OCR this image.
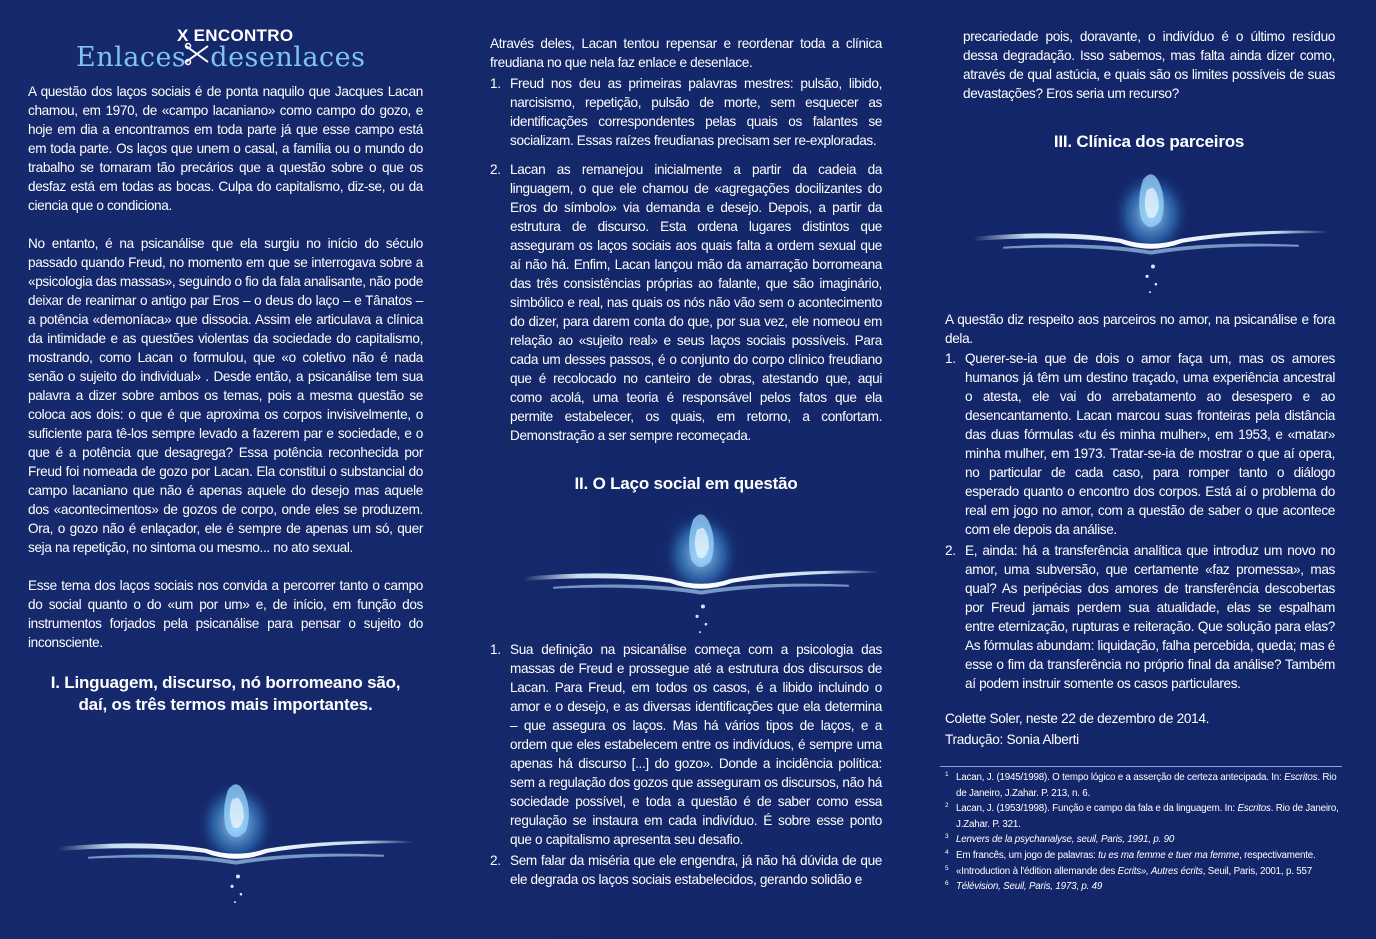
X ENCONTRO
Enlaces desenlaces

A questão dos laços sociais é de ponta naquilo que Jacques Lacan chamou, em 1970, de «campo lacaniano» como campo do gozo, e hoje em dia a encontramos em toda parte já que esse campo está em toda parte. Os laços que unem o casal, a família ou o mundo do trabalho se tornaram tão precários que a questão sobre o que os desfaz está em todas as bocas. Culpa do capitalismo, diz-se, ou da ciencia que o condiciona.

No entanto, é na psicanálise que ela surgiu no início do século passado quando Freud, no momento em que se interrogava sobre a «psicologia das massas», seguindo o fio da fala analisante, não pode deixar de reanimar o antigo par Eros – o deus do laço – e Tânatos – a potência «demoníaca» que dissocia. Assim ele articulava a clínica da intimidade e as questões violentas da sociedade do capitalismo, mostrando, como Lacan o formulou, que «o coletivo não é nada senão o sujeito do individual» . Desde então, a psicanálise tem sua palavra a dizer sobre ambos os temas, pois a mesma questão se coloca aos dois: o que é que aproxima os corpos invisivelmente, o suficiente para tê-los sempre levado a fazerem par e sociedade, e o que é a potência que desagrega? Essa potência reconhecida por Freud foi nomeada de gozo por Lacan. Ela constitui o substancial do campo lacaniano que não é apenas aquele do desejo mas aquele dos «acontecimentos» de gozos de corpo, onde eles se produzem. Ora, o gozo não é enlaçador, ele é sempre de apenas um só, quer seja na repetição, no sintoma ou mesmo... no ato sexual.

Esse tema dos laços sociais nos convida a percorrer tanto o campo do social quanto o do «um por um» e, de início, em função dos instrumentos forjados pela psicanálise para pensar o sujeito do inconsciente.

I. Linguagem, discurso, nó borromeano são, daí, os três termos mais importantes.

Através deles, Lacan tentou repensar e reordenar toda a clínica freudiana no que nela faz enlace e desenlace.

1. Freud nos deu as primeiras palavras mestres: pulsão, libido, narcisismo, repetição, pulsão de morte, sem esquecer as identificações correspondentes pelas quais os falantes se socializam. Essas raízes freudianas precisam ser re-exploradas.
2. Lacan as remanejou inicialmente a partir da cadeia da linguagem, o que ele chamou de «agregações docilizantes do Eros do símbolo» via demanda e desejo. Depois, a partir da estrutura de discurso. Esta ordena lugares distintos que asseguram os laços sociais aos quais falta a ordem sexual que aí não há. Enfim, Lacan lançou mão da amarração borromeana das três consistências próprias ao falante, que são imaginário, simbólico e real, nas quais os nós não vão sem o acontecimento do dizer, para darem conta do que, por sua vez, ele nomeou em relação ao «sujeito real» e seus laços sociais possíveis. Para cada um desses passos, é o conjunto do corpo clínico freudiano que é recolocado no canteiro de obras, atestando que, aqui como acolá, uma teoria é responsável pelos fatos que ela permite estabelecer, os quais, em retorno, a confortam. Demonstração a ser sempre recomeçada.

II. O Laço social em questão

1. Sua definição na psicanálise começa com a psicologia das massas de Freud e prossegue até a estrutura dos discursos de Lacan. Para Freud, em todos os casos, é a libido incluindo o amor e o desejo, e as diversas identificações que ela determina – que assegura os laços. Mas há vários tipos de laços, e a ordem que eles estabelecem entre os indivíduos, é sempre uma apenas há discurso [...] do gozo». Donde a incidência política: sem a regulação dos gozos que asseguram os discursos, não há sociedade possível, e toda a questão é de saber como essa regulação se instaura em cada indivíduo. É sobre esse ponto que o capitalismo apresenta seu desafio.
2. Sem falar da miséria que ele engendra, já não há dúvida de que ele degrada os laços sociais estabelecidos, gerando solidão e

precariedade pois, doravante, o indivíduo é o último resíduo dessa degradação. Isso sabemos, mas falta ainda dizer como, através de qual astúcia, e quais são os limites possíveis de suas devastações? Eros seria um recurso?

III. Clínica dos parceiros

A questão diz respeito aos parceiros no amor, na psicanálise e fora dela.

1. Querer-se-ia que de dois o amor faça um, mas os amores humanos já têm um destino traçado, uma experiência ancestral o atesta, ele vai do arrebatamento ao desespero e ao desencantamento. Lacan marcou suas fronteiras pela distância das duas fórmulas «tu és minha mulher», em 1953, e «matar» minha mulher, em 1973. Tratar-se-ia de mostrar o que aí opera, no particular de cada caso, para romper tanto o diálogo esperado quanto o encontro dos corpos. Está aí o problema do real em jogo no amor, com a questão de saber o que acontece com ele depois da análise.
2. E, ainda: há a transferência analítica que introduz um novo no amor, uma subversão, que certamente «faz promessa», mas qual? As peripécias dos amores de transferência descobertas por Freud jamais perdem sua atualidade, elas se espalham entre eternização, rupturas e reiteração. Que solução para elas? As fórmulas abundam: liquidação, falha percebida, queda; mas é esse o fim da transferência no próprio final da análise? Também aí podem instruir somente os casos particulares.
Colette Soler, neste 22 de dezembro de 2014.
Tradução: Sonia Alberti
1 Lacan, J. (1945/1998). O tempo lógico e a asserção de certeza antecipada. In: Escritos. Rio
de Janeiro, J.Zahar. P. 213, n. 6.
2 Lacan, J. (1953/1998). Função e campo da fala e da linguagem. In: Escritos. Rio de Janeiro,
J.Zahar. P. 321.
3 Lenvers de la psychanalyse, seuil, Paris, 1991, p. 90
4 Em francês, um jogo de palavras: tu es ma femme e tuer ma femme, respectivamente.
5 «Introduction à l'édition allemande des Ecrits», Autres écrits, Seuil, Paris, 2001, p. 557
6 Télévision, Seuil, Paris, 1973, p. 49
